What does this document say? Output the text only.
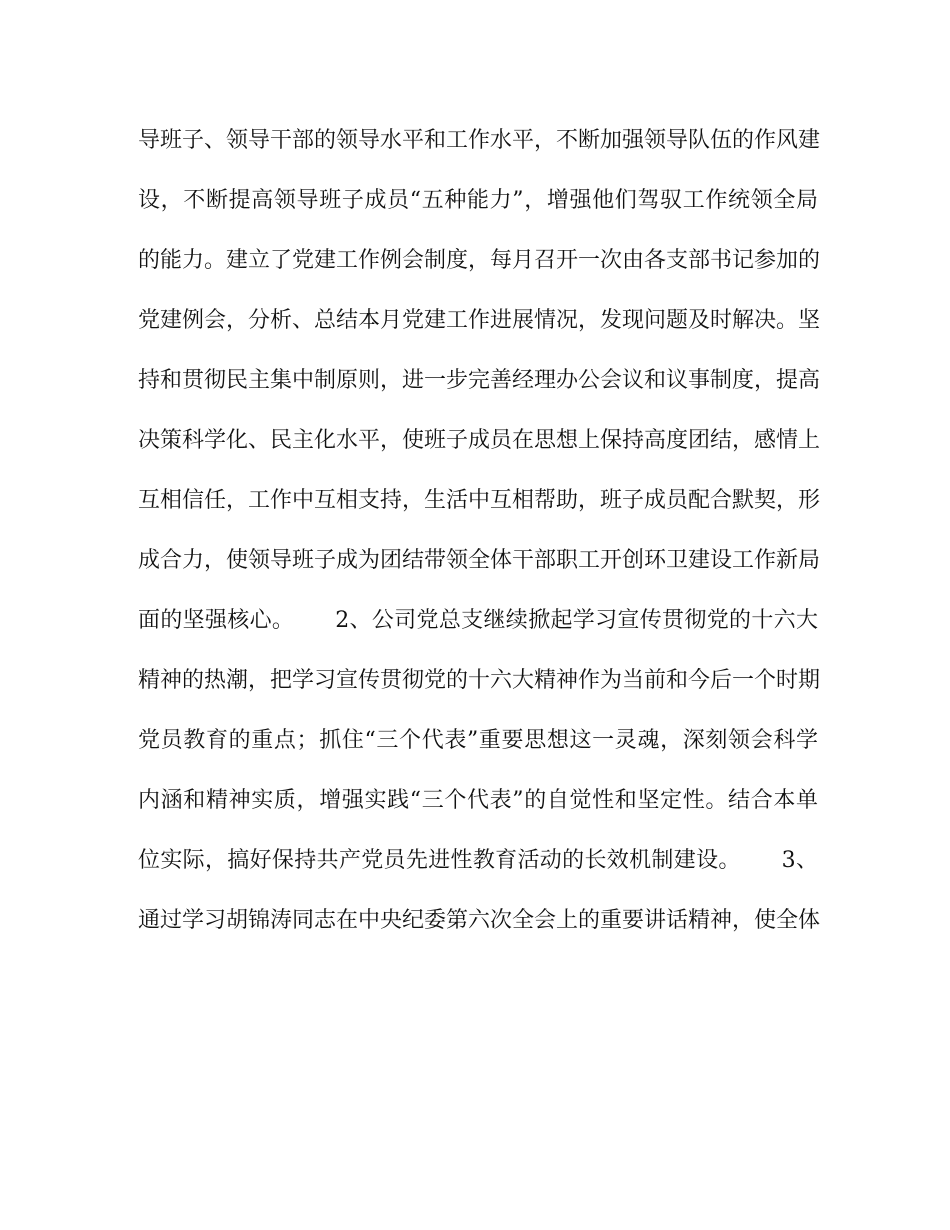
导班子、领导干部的领导水平和工作水平，不断加强领导队伍的作风建
设，不断提高领导班子成员“五种能力”，增强他们驾驭工作统领全局
的能力。建立了党建工作例会制度，每月召开一次由各支部书记参加的
党建例会，分析、总结本月党建工作进展情况，发现问题及时解决。坚
持和贯彻民主集中制原则，进一步完善经理办公会议和议事制度，提高
决策科学化、民主化水平，使班子成员在思想上保持高度团结，感情上
互相信任，工作中互相支持，生活中互相帮助，班子成员配合默契，形
成合力，使领导班子成为团结带领全体干部职工开创环卫建设工作新局
面的坚强核心。　　 2、公司党总支继续掀起学习宣传贯彻党的十六大
精神的热潮，把学习宣传贯彻党的十六大精神作为当前和今后一个时期
党员教育的重点；抓住“三个代表”重要思想这一灵魂，深刻领会科学
内涵和精神实质，增强实践“三个代表”的自觉性和坚定性。结合本单
位实际，搞好保持共产党员先进性教育活动的长效机制建设。　　 3、
通过学习胡锦涛同志在中央纪委第六次全会上的重要讲话精神，使全体
